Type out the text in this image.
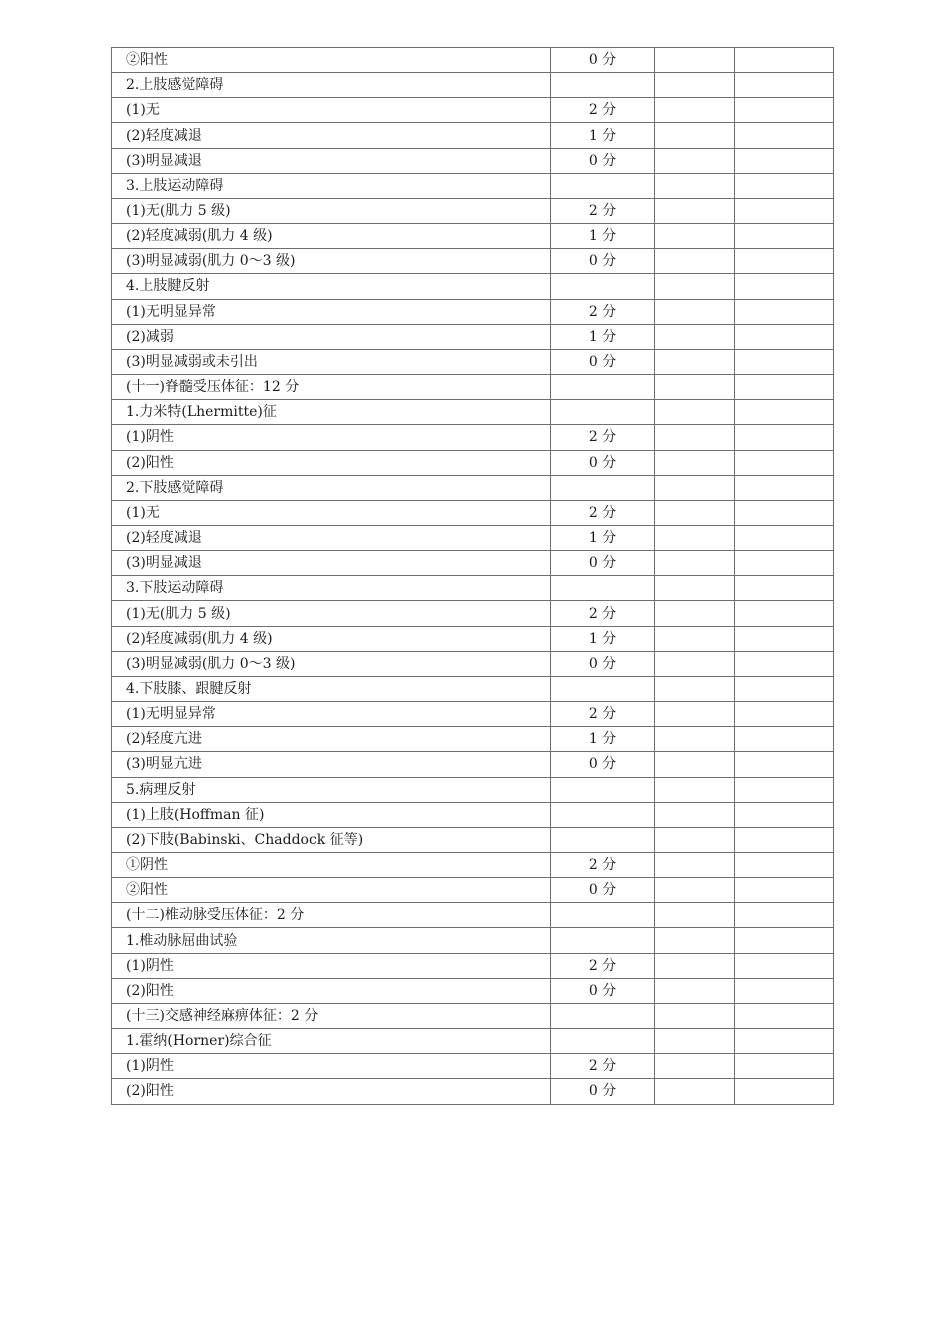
②阳性	0 分		
2.上肢感觉障碍			
(1)无	2 分		
(2)轻度减退	1 分		
(3)明显减退	0 分		
3.上肢运动障碍			
(1)无(肌力 5 级)	2 分		
(2)轻度减弱(肌力 4 级)	1 分		
(3)明显减弱(肌力 0～3 级)	0 分		
4.上肢腱反射			
(1)无明显异常	2 分		
(2)减弱	1 分		
(3)明显减弱或未引出	0 分		
(十一)脊髓受压体征：12 分			
1.力米特(Lhermitte)征			
(1)阴性	2 分		
(2)阳性	0 分		
2.下肢感觉障碍			
(1)无	2 分		
(2)轻度减退	1 分		
(3)明显减退	0 分		
3.下肢运动障碍			
(1)无(肌力 5 级)	2 分		
(2)轻度减弱(肌力 4 级)	1 分		
(3)明显减弱(肌力 0～3 级)	0 分		
4.下肢膝、跟腱反射			
(1)无明显异常	2 分		
(2)轻度亢进	1 分		
(3)明显亢进	0 分		
5.病理反射			
(1)上肢(Hoffman 征)			
(2)下肢(Babinski、Chaddock 征等)			
①阴性	2 分		
②阳性	0 分		
(十二)椎动脉受压体征：2 分			
1.椎动脉屈曲试验			
(1)阴性	2 分		
(2)阳性	0 分		
(十三)交感神经麻痹体征：2 分			
1.霍纳(Horner)综合征			
(1)阴性	2 分		
(2)阳性	0 分		
